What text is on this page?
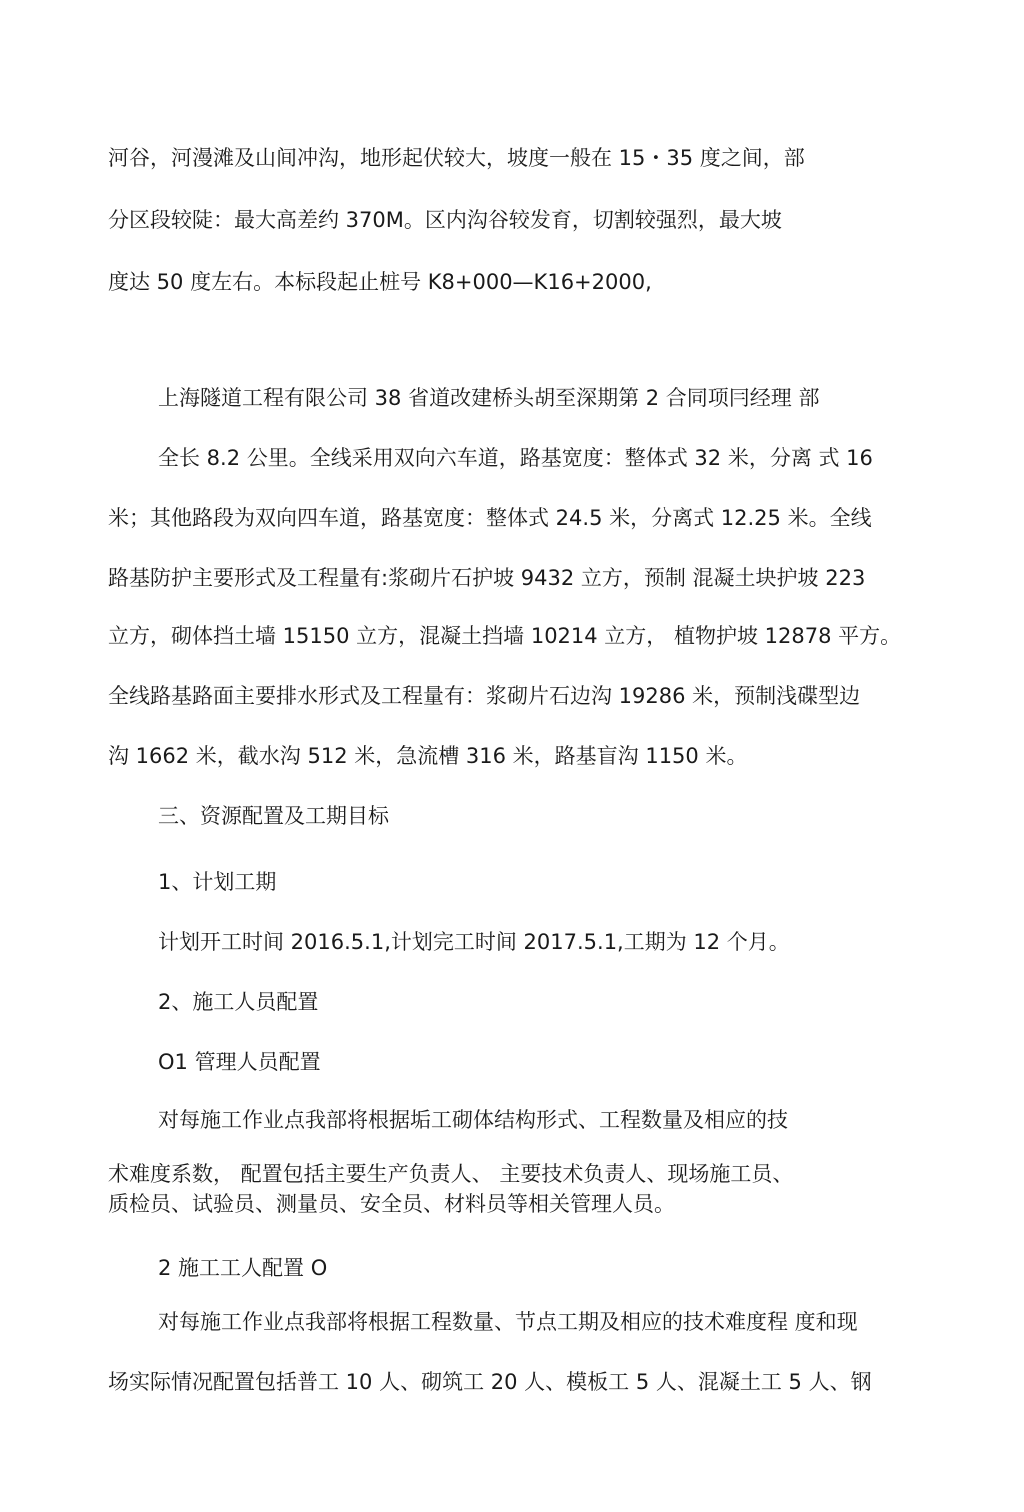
河谷，河漫滩及山间冲沟，地形起伏较大，坡度一般在 15・35 度之间，部
分区段较陡：最大高差约 370M。区内沟谷较发育，切割较强烈，最大坡
度达 50 度左右。本标段起止桩号 K8+000—K16+2000,
上海隧道工程有限公司 38 省道改建桥头胡至深期第 2 合同项冃经理 部
全长 8.2 公里。全线采用双向六车道，路基宽度：整体式 32 米，分离 式 16
米；其他路段为双向四车道，路基宽度：整体式 24.5 米，分离式 12.25 米。全线
路基防护主要形式及工程量有:浆砌片石护坡 9432 立方，预制 混凝土块护坡 223
立方，砌体挡土墙 15150 立方，混凝土挡墙 10214 立方， 植物护坡 12878 平方。
全线路基路面主要排水形式及工程量有：浆砌片石边沟 19286 米，预制浅碟型边
沟 1662 米，截水沟 512 米，急流槽 316 米，路基盲沟 1150 米。
三、资源配置及工期目标
1、计划工期
计划开工时间 2016.5.1,计划完工时间 2017.5.1,工期为 12 个月。
2、施工人员配置
O1 管理人员配置
对每施工作业点我部将根据垢工砌体结构形式、工程数量及相应的技
术难度系数， 配置包括主要生产负责人、 主要技术负责人、现场施工员、
质检员、试验员、测量员、安全员、材料员等相关管理人员。
2 施工工人配置 O
对每施工作业点我部将根据工程数量、节点工期及相应的技术难度程 度和现
场实际情况配置包括普工 10 人、砌筑工 20 人、模板工 5 人、混凝土工 5 人、钢
